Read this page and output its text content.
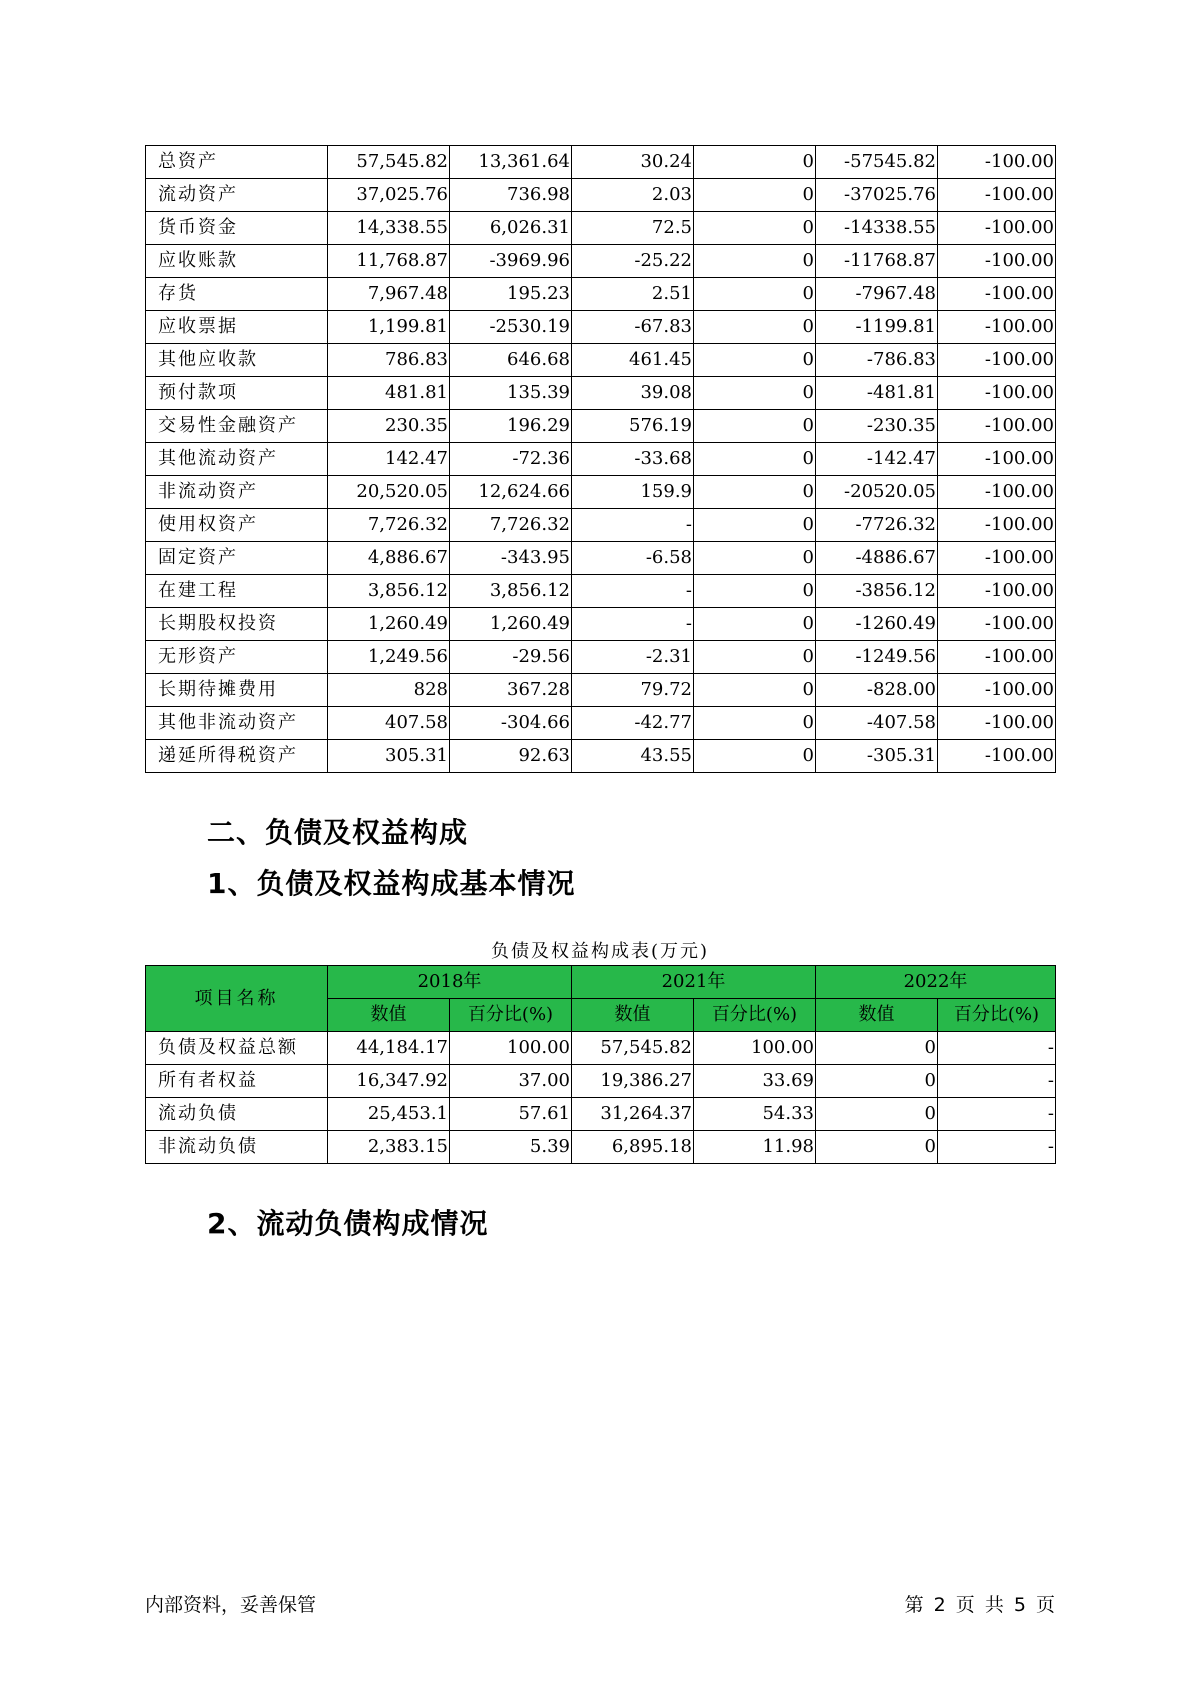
总资产	57,545.82	13,361.64	30.24	0	-57545.82	-100.00
流动资产	37,025.76	736.98	2.03	0	-37025.76	-100.00
货币资金	14,338.55	6,026.31	72.5	0	-14338.55	-100.00
应收账款	11,768.87	-3969.96	-25.22	0	-11768.87	-100.00
存货	7,967.48	195.23	2.51	0	-7967.48	-100.00
应收票据	1,199.81	-2530.19	-67.83	0	-1199.81	-100.00
其他应收款	786.83	646.68	461.45	0	-786.83	-100.00
预付款项	481.81	135.39	39.08	0	-481.81	-100.00
交易性金融资产	230.35	196.29	576.19	0	-230.35	-100.00
其他流动资产	142.47	-72.36	-33.68	0	-142.47	-100.00
非流动资产	20,520.05	12,624.66	159.9	0	-20520.05	-100.00
使用权资产	7,726.32	7,726.32	-	0	-7726.32	-100.00
固定资产	4,886.67	-343.95	-6.58	0	-4886.67	-100.00
在建工程	3,856.12	3,856.12	-	0	-3856.12	-100.00
长期股权投资	1,260.49	1,260.49	-	0	-1260.49	-100.00
无形资产	1,249.56	-29.56	-2.31	0	-1249.56	-100.00
长期待摊费用	828	367.28	79.72	0	-828.00	-100.00
其他非流动资产	407.58	-304.66	-42.77	0	-407.58	-100.00
递延所得税资产	305.31	92.63	43.55	0	-305.31	-100.00
二、负债及权益构成
1、负债及权益构成基本情况
负债及权益构成表(万元)
项目名称	2018年		2021年		2022年	
	数值	百分比(%)	数值	百分比(%)	数值	百分比(%)
负债及权益总额	44,184.17	100.00	57,545.82	100.00	0	-
所有者权益	16,347.92	37.00	19,386.27	33.69	0	-
流动负债	25,453.1	57.61	31,264.37	54.33	0	-
非流动负债	2,383.15	5.39	6,895.18	11.98	0	-
2、流动负债构成情况
内部资料，妥善保管	第 2 页 共 5 页
